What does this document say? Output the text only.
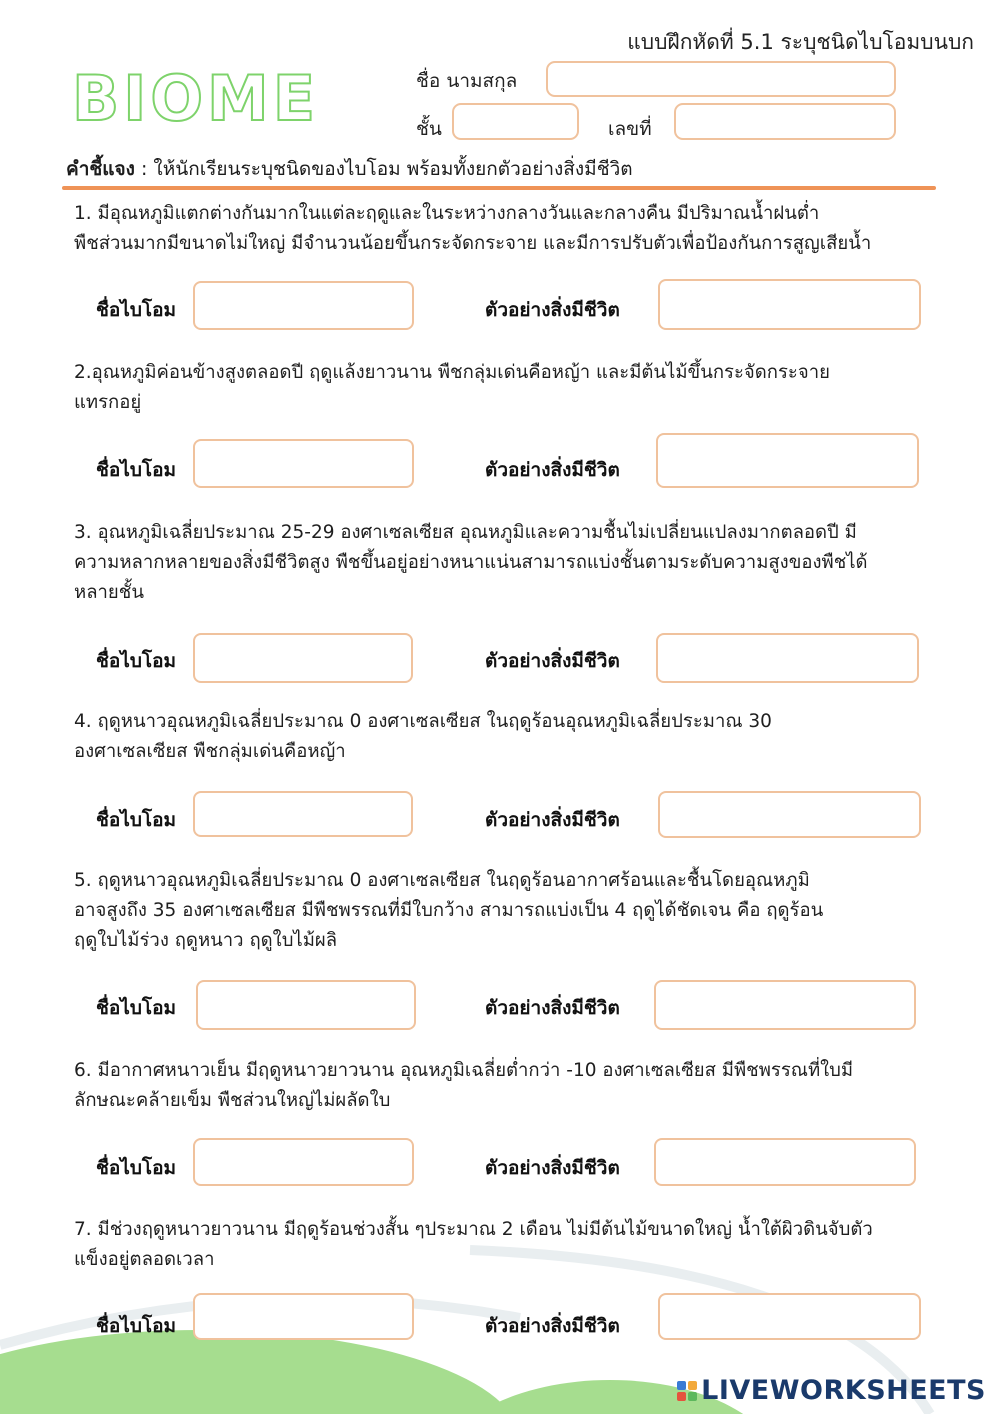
แบบฝึกหัดที่ 5.1 ระบุชนิดไบโอมบนบก
BIOME	ชื่อ นามสกุล
ชั้น	เลขที่
คำชี้แจง : ให้นักเรียนระบุชนิดของไบโอม พร้อมทั้งยกตัวอย่างสิ่งมีชีวิต
1. มีอุณหภูมิแตกต่างกันมากในแต่ละฤดูและในระหว่างกลางวันและกลางคืน มีปริมาณน้ำฝนต่ำ
พืชส่วนมากมีขนาดไม่ใหญ่ มีจำนวนน้อยขึ้นกระจัดกระจาย และมีการปรับตัวเพื่อป้องกันการสูญเสียน้ำ
ชื่อไบโอม	ตัวอย่างสิ่งมีชีวิต
2.อุณหภูมิค่อนข้างสูงตลอดปี ฤดูแล้งยาวนาน พืชกลุ่มเด่นคือหญ้า และมีต้นไม้ขึ้นกระจัดกระจาย
แทรกอยู่
ชื่อไบโอม	ตัวอย่างสิ่งมีชีวิต
3. อุณหภูมิเฉลี่ยประมาณ 25-29 องศาเซลเซียส อุณหภูมิและความชื้นไม่เปลี่ยนแปลงมากตลอดปี มี
ความหลากหลายของสิ่งมีชีวิตสูง พืชขึ้นอยู่อย่างหนาแน่นสามารถแบ่งชั้นตามระดับความสูงของพืชได้
หลายชั้น
ชื่อไบโอม	ตัวอย่างสิ่งมีชีวิต
4. ฤดูหนาวอุณหภูมิเฉลี่ยประมาณ 0 องศาเซลเซียส ในฤดูร้อนอุณหภูมิเฉลี่ยประมาณ 30
องศาเซลเซียส พืชกลุ่มเด่นคือหญ้า
ชื่อไบโอม	ตัวอย่างสิ่งมีชีวิต
5. ฤดูหนาวอุณหภูมิเฉลี่ยประมาณ 0 องศาเซลเซียส ในฤดูร้อนอากาศร้อนและชื้นโดยอุณหภูมิ
อาจสูงถึง 35 องศาเซลเซียส มีพืชพรรณที่มีใบกว้าง สามารถแบ่งเป็น 4 ฤดูได้ชัดเจน คือ ฤดูร้อน
ฤดูใบไม้ร่วง ฤดูหนาว ฤดูใบไม้ผลิ
ชื่อไบโอม	ตัวอย่างสิ่งมีชีวิต
6. มีอากาศหนาวเย็น มีฤดูหนาวยาวนาน อุณหภูมิเฉลี่ยต่ำกว่า -10 องศาเซลเซียส มีพืชพรรณที่ใบมี
ลักษณะคล้ายเข็ม พืชส่วนใหญ่ไม่ผลัดใบ
ชื่อไบโอม	ตัวอย่างสิ่งมีชีวิต
7. มีช่วงฤดูหนาวยาวนาน มีฤดูร้อนช่วงสั้น ๆประมาณ 2 เดือน ไม่มีต้นไม้ขนาดใหญ่ น้ำใต้ผิวดินจับตัว
แข็งอยู่ตลอดเวลา
ชื่อไบโอม	ตัวอย่างสิ่งมีชีวิต
LIVEWORKSHEETS
